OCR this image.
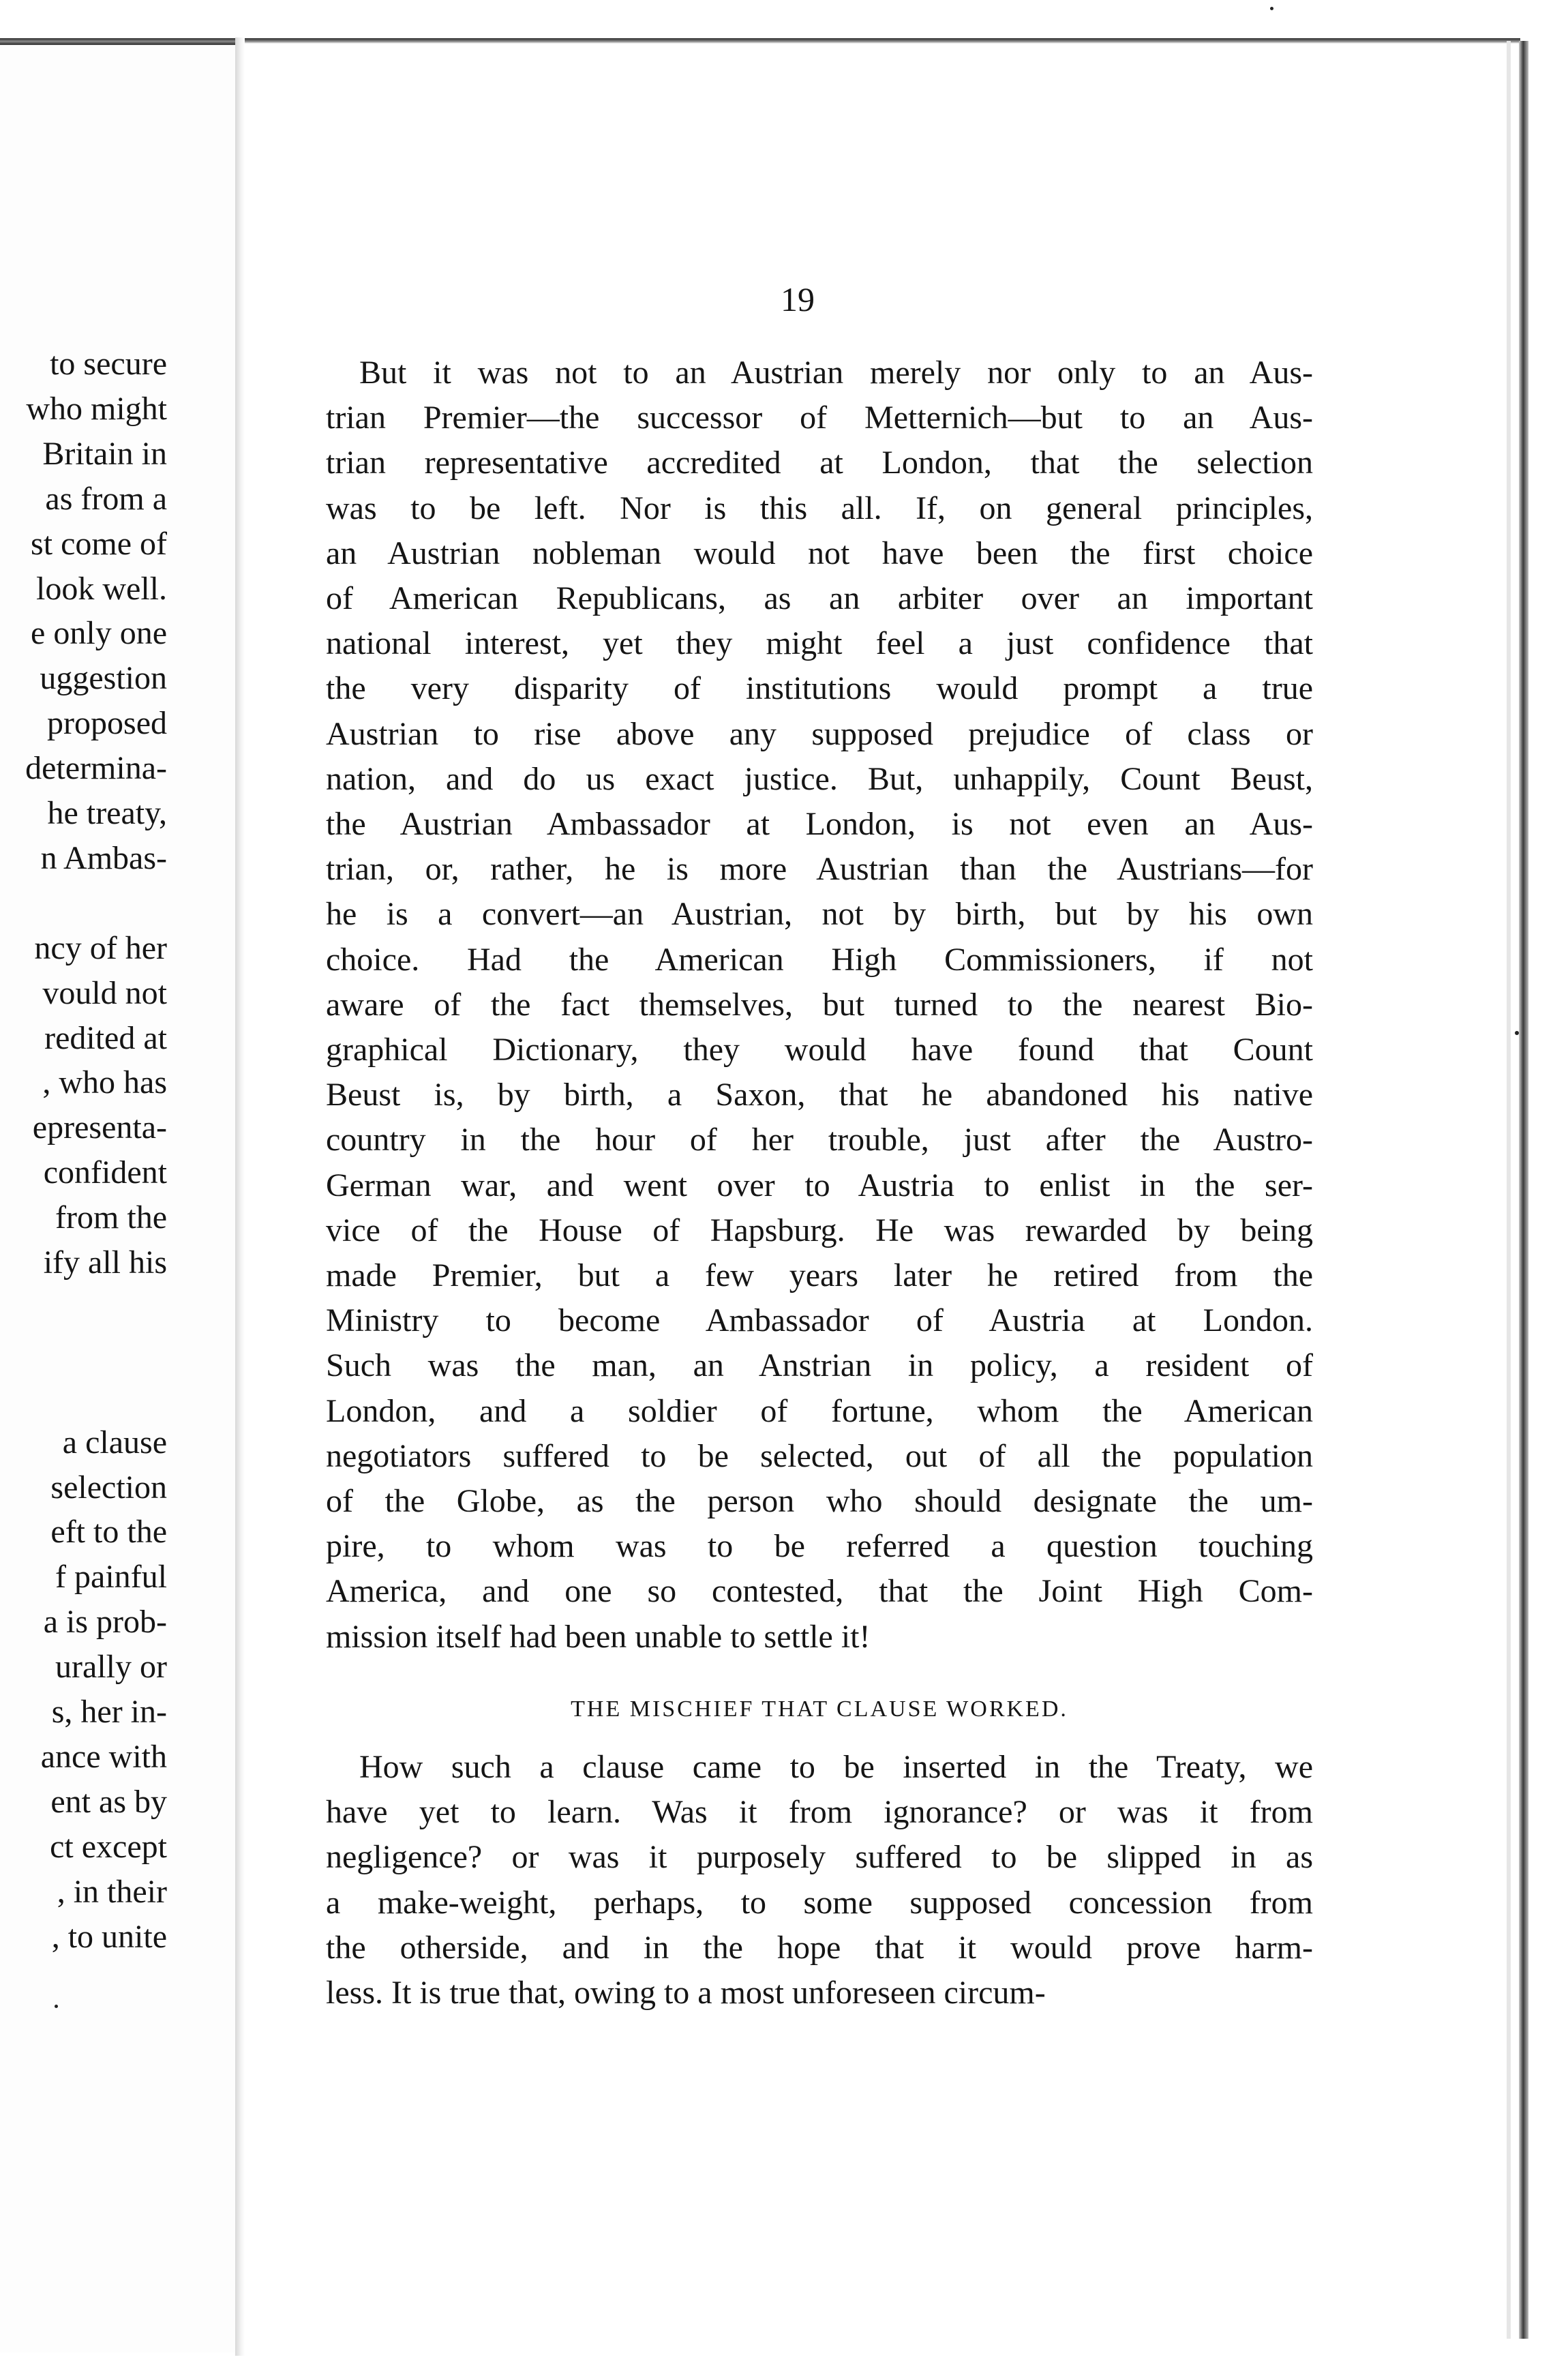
to secure
who might
Britain in
as from a
st come of
look well.
e only one
uggestion
proposed
determina-
he treaty,
n Ambas-
ncy of her
vould not
redited at
, who has
epresenta-
confident
from the
ify all his
a clause
selection
eft to the
f painful
a is prob-
urally or
s, her in-
ance with
ent as by
ct except
, in their
, to unite
19
But it was not to an Austrian merely nor only to an Aus-
trian Premier—the successor of Metternich—but to an Aus-
trian representative accredited at London, that the selection
was to be left. Nor is this all. If, on general principles,
an Austrian nobleman would not have been the first choice
of American Republicans, as an arbiter over an important
national interest, yet they might feel a just confidence that
the very disparity of institutions would prompt a true
Austrian to rise above any supposed prejudice of class or
nation, and do us exact justice. But, unhappily, Count Beust,
the Austrian Ambassador at London, is not even an Aus-
trian, or, rather, he is more Austrian than the Austrians—for
he is a convert—an Austrian, not by birth, but by his own
choice. Had the American High Commissioners, if not
aware of the fact themselves, but turned to the nearest Bio-
graphical Dictionary, they would have found that Count
Beust is, by birth, a Saxon, that he abandoned his native
country in the hour of her trouble, just after the Austro-
German war, and went over to Austria to enlist in the ser-
vice of the House of Hapsburg. He was rewarded by being
made Premier, but a few years later he retired from the
Ministry to become Ambassador of Austria at London.
Such was the man, an Anstrian in policy, a resident of
London, and a soldier of fortune, whom the American
negotiators suffered to be selected, out of all the population
of the Globe, as the person who should designate the um-
pire, to whom was to be referred a question touching
America, and one so contested, that the Joint High Com-
mission itself had been unable to settle it!
THE MISCHIEF THAT CLAUSE WORKED.
How such a clause came to be inserted in the Treaty, we
have yet to learn. Was it from ignorance? or was it from
negligence? or was it purposely suffered to be slipped in as
a make-weight, perhaps, to some supposed concession from
the otherside, and in the hope that it would prove harm-
less. It is true that, owing to a most unforeseen circum-
